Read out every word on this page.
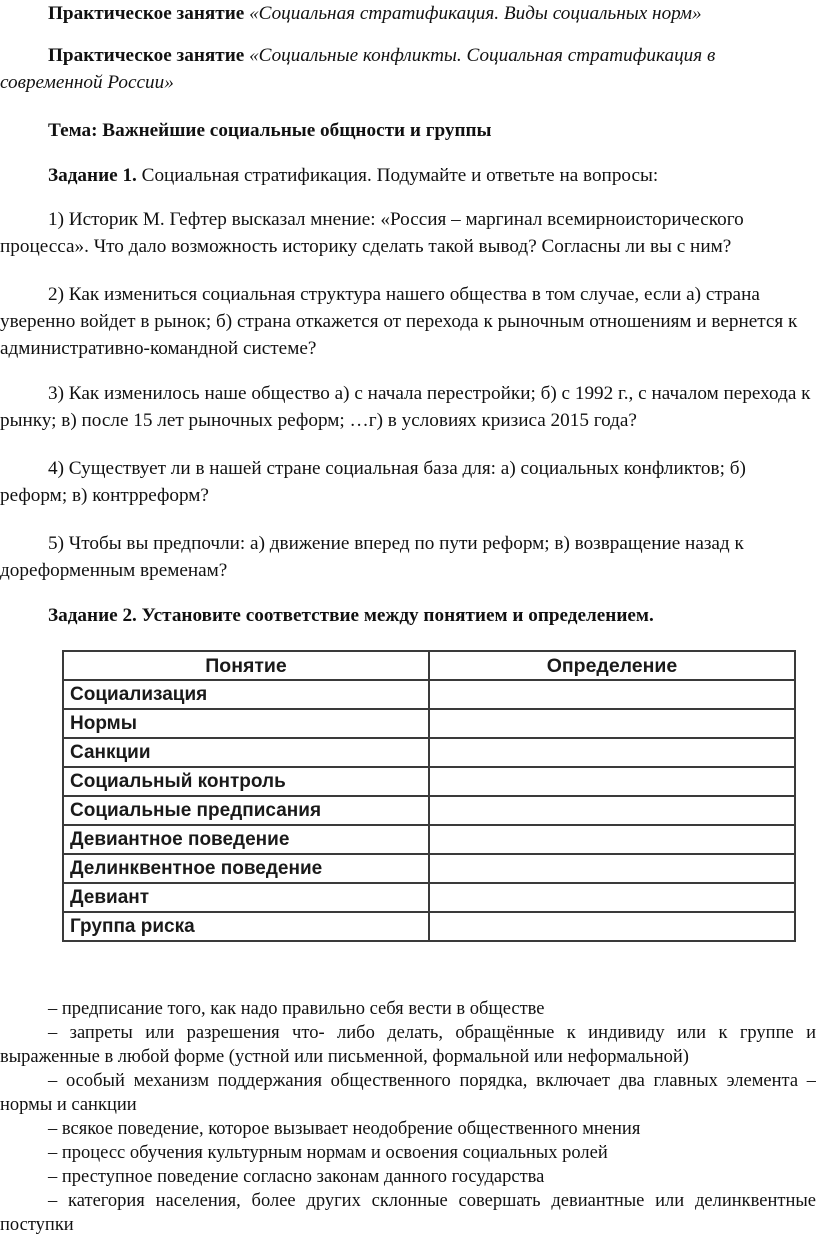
Практическое занятие «Социальная стратификация. Виды социальных норм»

Практическое занятие «Социальные конфликты. Социальная стратификация в современной России»

Тема: Важнейшие социальные общности и группы

Задание 1. Социальная стратификация. Подумайте и ответьте на вопросы:

1) Историк М. Гефтер высказал мнение: «Россия – маргинал всемирноисторического процесса». Что дало возможность историку сделать такой вывод? Согласны ли вы с ним?

2) Как измениться социальная структура нашего общества в том случае, если а) страна уверенно войдет в рынок; б) страна откажется от перехода к рыночным отношениям и вернется к административно-командной системе?

3) Как изменилось наше общество а) с начала перестройки; б) с 1992 г., с началом перехода к рынку; в) после 15 лет рыночных реформ; …г) в условиях кризиса 2015 года?

4) Существует ли в нашей стране социальная база для: а) социальных конфликтов; б) реформ; в) контрреформ?

5) Чтобы вы предпочли: а) движение вперед по пути реформ; в) возвращение назад к дореформенным временам?

Задание 2. Установите соответствие между понятием и определением.

Понятие	Определение
Социализация	
Нормы	
Санкции	
Социальный контроль	
Социальные предписания	
Девиантное поведение	
Делинквентное поведение	
Девиант	
Группа риска	

– предписание того, как надо правильно себя вести в обществе

– запреты или разрешения что- либо делать, обращённые к индивиду или к группе и выраженные в любой форме (устной или письменной, формальной или неформальной)

– особый механизм поддержания общественного порядка, включает два главных элемента – нормы и санкции

– всякое поведение, которое вызывает неодобрение общественного мнения

– процесс обучения культурным нормам и освоения социальных ролей

– преступное поведение согласно законам данного государства

– категория населения, более других склонные совершать девиантные или делинквентные поступки
